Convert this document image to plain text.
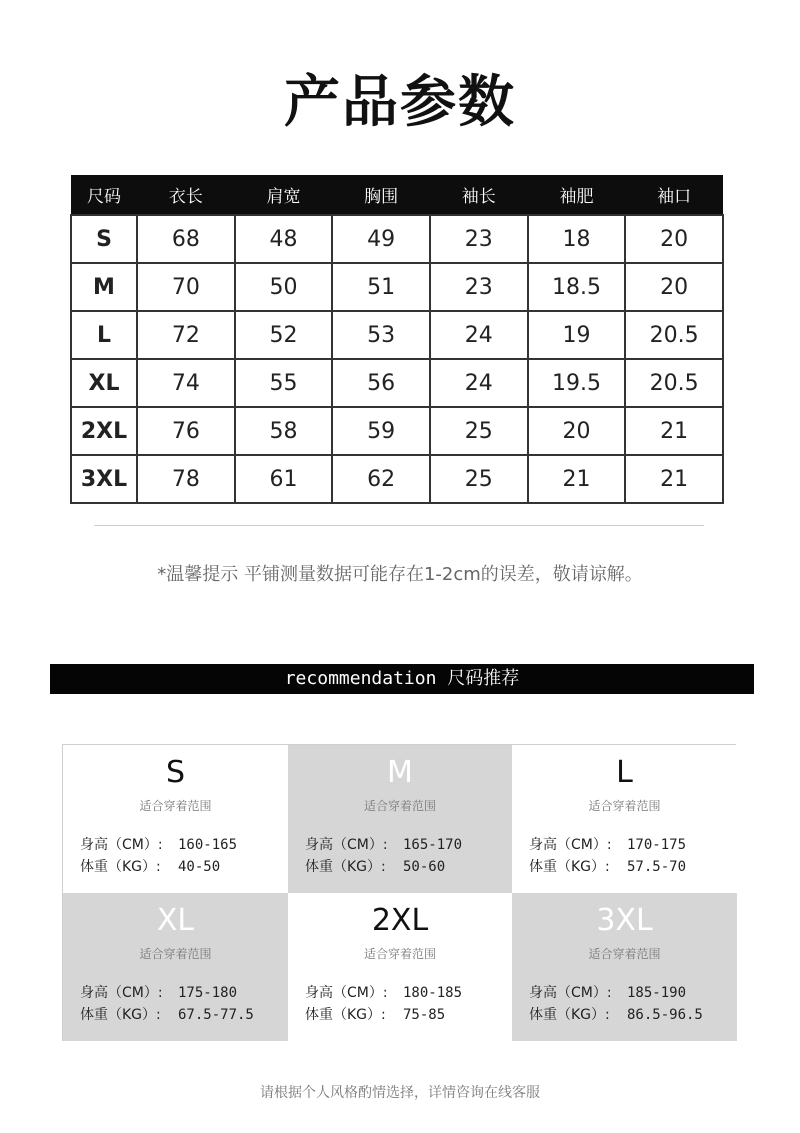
产品参数
尺码	衣长	肩宽	胸围	袖长	袖肥	袖口
S	68	48	49	23	18	20
M	70	50	51	23	18.5	20
L	72	52	53	24	19	20.5
XL	74	55	56	24	19.5	20.5
2XL	76	58	59	25	20	21
3XL	78	61	62	25	21	21
*温馨提示 平铺测量数据可能存在1-2cm的误差，敬请谅解。
recommendation 尺码推荐
S
适合穿着范围
身高（CM）: 160-165
体重（KG）: 40-50
M
适合穿着范围
身高（CM）: 165-170
体重（KG）: 50-60
L
适合穿着范围
身高（CM）: 170-175
体重（KG）: 57.5-70
XL
适合穿着范围
身高（CM）: 175-180
体重（KG）: 67.5-77.5
2XL
适合穿着范围
身高（CM）: 180-185
体重（KG）: 75-85
3XL
适合穿着范围
身高（CM）: 185-190
体重（KG）: 86.5-96.5
请根据个人风格酌情选择，详情咨询在线客服
